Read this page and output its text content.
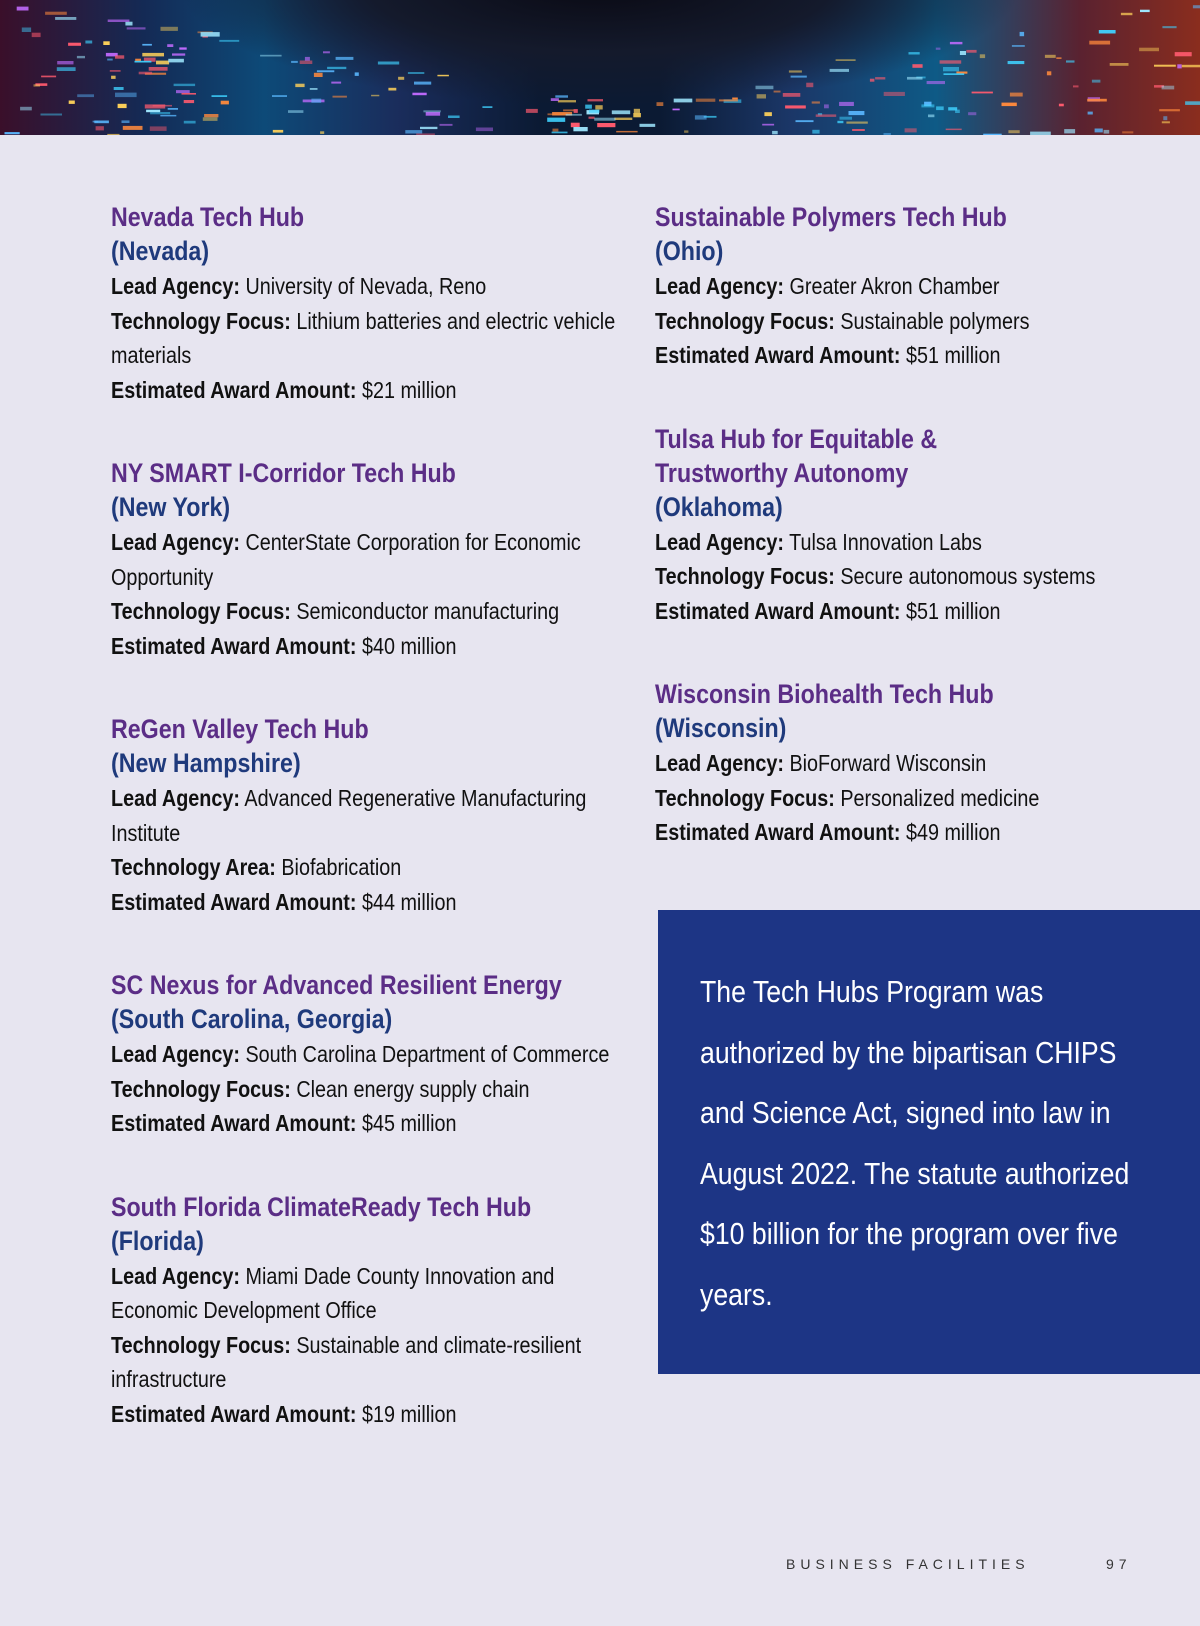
Nevada Tech Hub
(Nevada)
Lead Agency: University of Nevada, Reno
Technology Focus: Lithium batteries and electric vehicle materials
Estimated Award Amount: $21 million
NY SMART I-Corridor Tech Hub
(New York)
Lead Agency: CenterState Corporation for Economic Opportunity
Technology Focus: Semiconductor manufacturing
Estimated Award Amount: $40 million
ReGen Valley Tech Hub
(New Hampshire)
Lead Agency: Advanced Regenerative Manufacturing Institute
Technology Area: Biofabrication
Estimated Award Amount: $44 million
SC Nexus for Advanced Resilient Energy
(South Carolina, Georgia)
Lead Agency: South Carolina Department of Commerce
Technology Focus: Clean energy supply chain
Estimated Award Amount: $45 million
South Florida ClimateReady Tech Hub
(Florida)
Lead Agency: Miami Dade County Innovation and Economic Development Office
Technology Focus: Sustainable and climate-resilient infrastructure
Estimated Award Amount: $19 million
Sustainable Polymers Tech Hub
(Ohio)
Lead Agency: Greater Akron Chamber
Technology Focus: Sustainable polymers
Estimated Award Amount: $51 million
Tulsa Hub for Equitable & Trustworthy Autonomy
(Oklahoma)
Lead Agency: Tulsa Innovation Labs
Technology Focus: Secure autonomous systems
Estimated Award Amount: $51 million
Wisconsin Biohealth Tech Hub
(Wisconsin)
Lead Agency: BioForward Wisconsin
Technology Focus: Personalized medicine
Estimated Award Amount: $49 million
The Tech Hubs Program was authorized by the bipartisan CHIPS and Science Act, signed into law in August 2022. The statute authorized $10 billion for the program over five years.
BUSINESS FACILITIES	97
